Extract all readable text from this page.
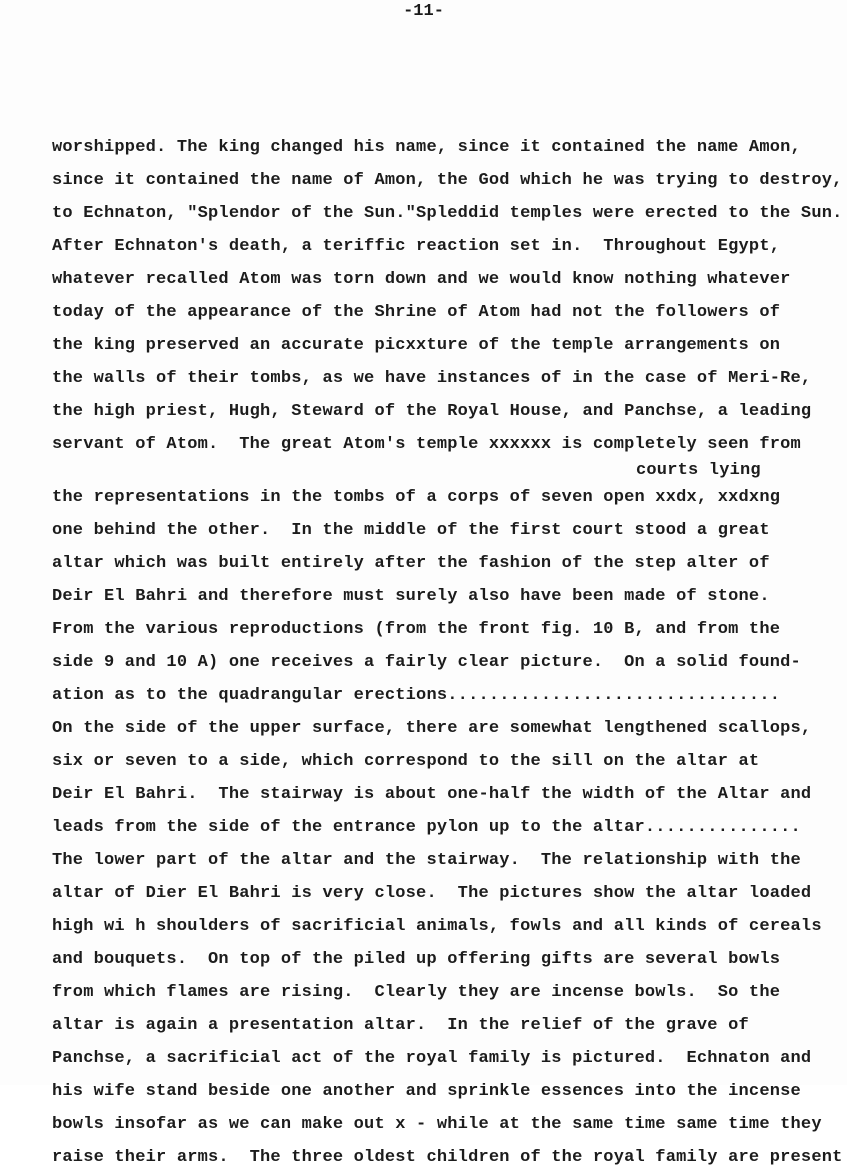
-11-

worshipped. The king changed his name, since it contained the name Amon,
since it contained the name of Amon, the God which he was trying to destroy,
to Echnaton, "Splendor of the Sun."Spleddid temples were erected to the Sun.
After Echnaton's death, a teriffic reaction set in.  Throughout Egypt,
whatever recalled Atom was torn down and we would know nothing whatever
today of the appearance of the Shrine of Atom had not the followers of
the king preserved an accurate picxxture of the temple arrangements on
the walls of their tombs, as we have instances of in the case of Meri-Re,
the high priest, Hugh, Steward of the Royal House, and Panchse, a leading
servant of Atom.  The great Atom's temple xxxxxx is completely seen from
courts lying
the representations in the tombs of a corps of seven open xxdx, xxdxng
one behind the other.  In the middle of the first court stood a great
altar which was built entirely after the fashion of the step alter of
Deir El Bahri and therefore must surely also have been made of stone.
From the various reproductions (from the front fig. 10 B, and from the
side 9 and 10 A) one receives a fairly clear picture.  On a solid found-
ation as to the quadrangular erections................................
On the side of the upper surface, there are somewhat lengthened scallops,
six or seven to a side, which correspond to the sill on the altar at
Deir El Bahri.  The stairway is about one-half the width of the Altar and
leads from the side of the entrance pylon up to the altar...............
The lower part of the altar and the stairway.  The relationship with the
altar of Dier El Bahri is very close.  The pictures show the altar loaded
high wi h shoulders of sacrificial animals, fowls and all kinds of cereals
and bouquets.  On top of the piled up offering gifts are several bowls
from which flames are rising.  Clearly they are incense bowls.  So the
altar is again a presentation altar.  In the relief of the grave of
Panchse, a sacrificial act of the royal family is pictured.  Echnaton and
his wife stand beside one another and sprinkle essences into the incense
bowls insofar as we can make out x - while at the same time same time they
raise their arms.  The three oldest children of the royal family are present
